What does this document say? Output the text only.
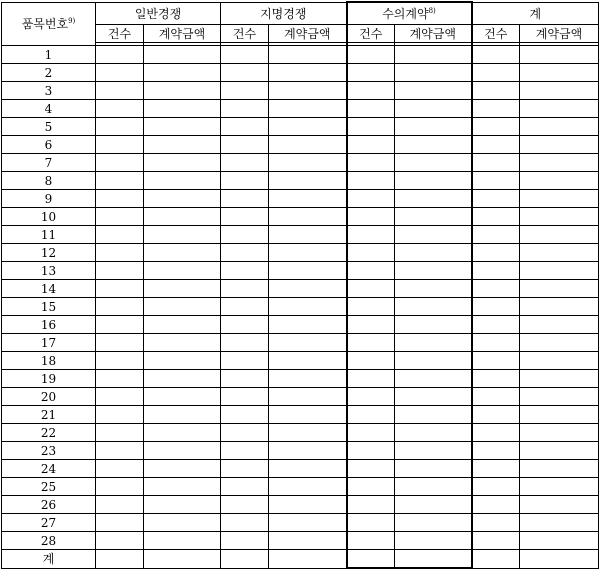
품목번호$^{9)}$	일반경쟁		지명경쟁		수의계약$^{8)}$		계	
	건수	계약금액	건수	계약금액	건수	계약금액	건수	계약금액

1								
2								
3								
4								
5								
6								
7								
8								
9								
10								
11								
12								
13								
14								
15								
16								
17								
18								
19								
20								
21								
22								
23								
24								
25								
26								
27								
28								
계								
